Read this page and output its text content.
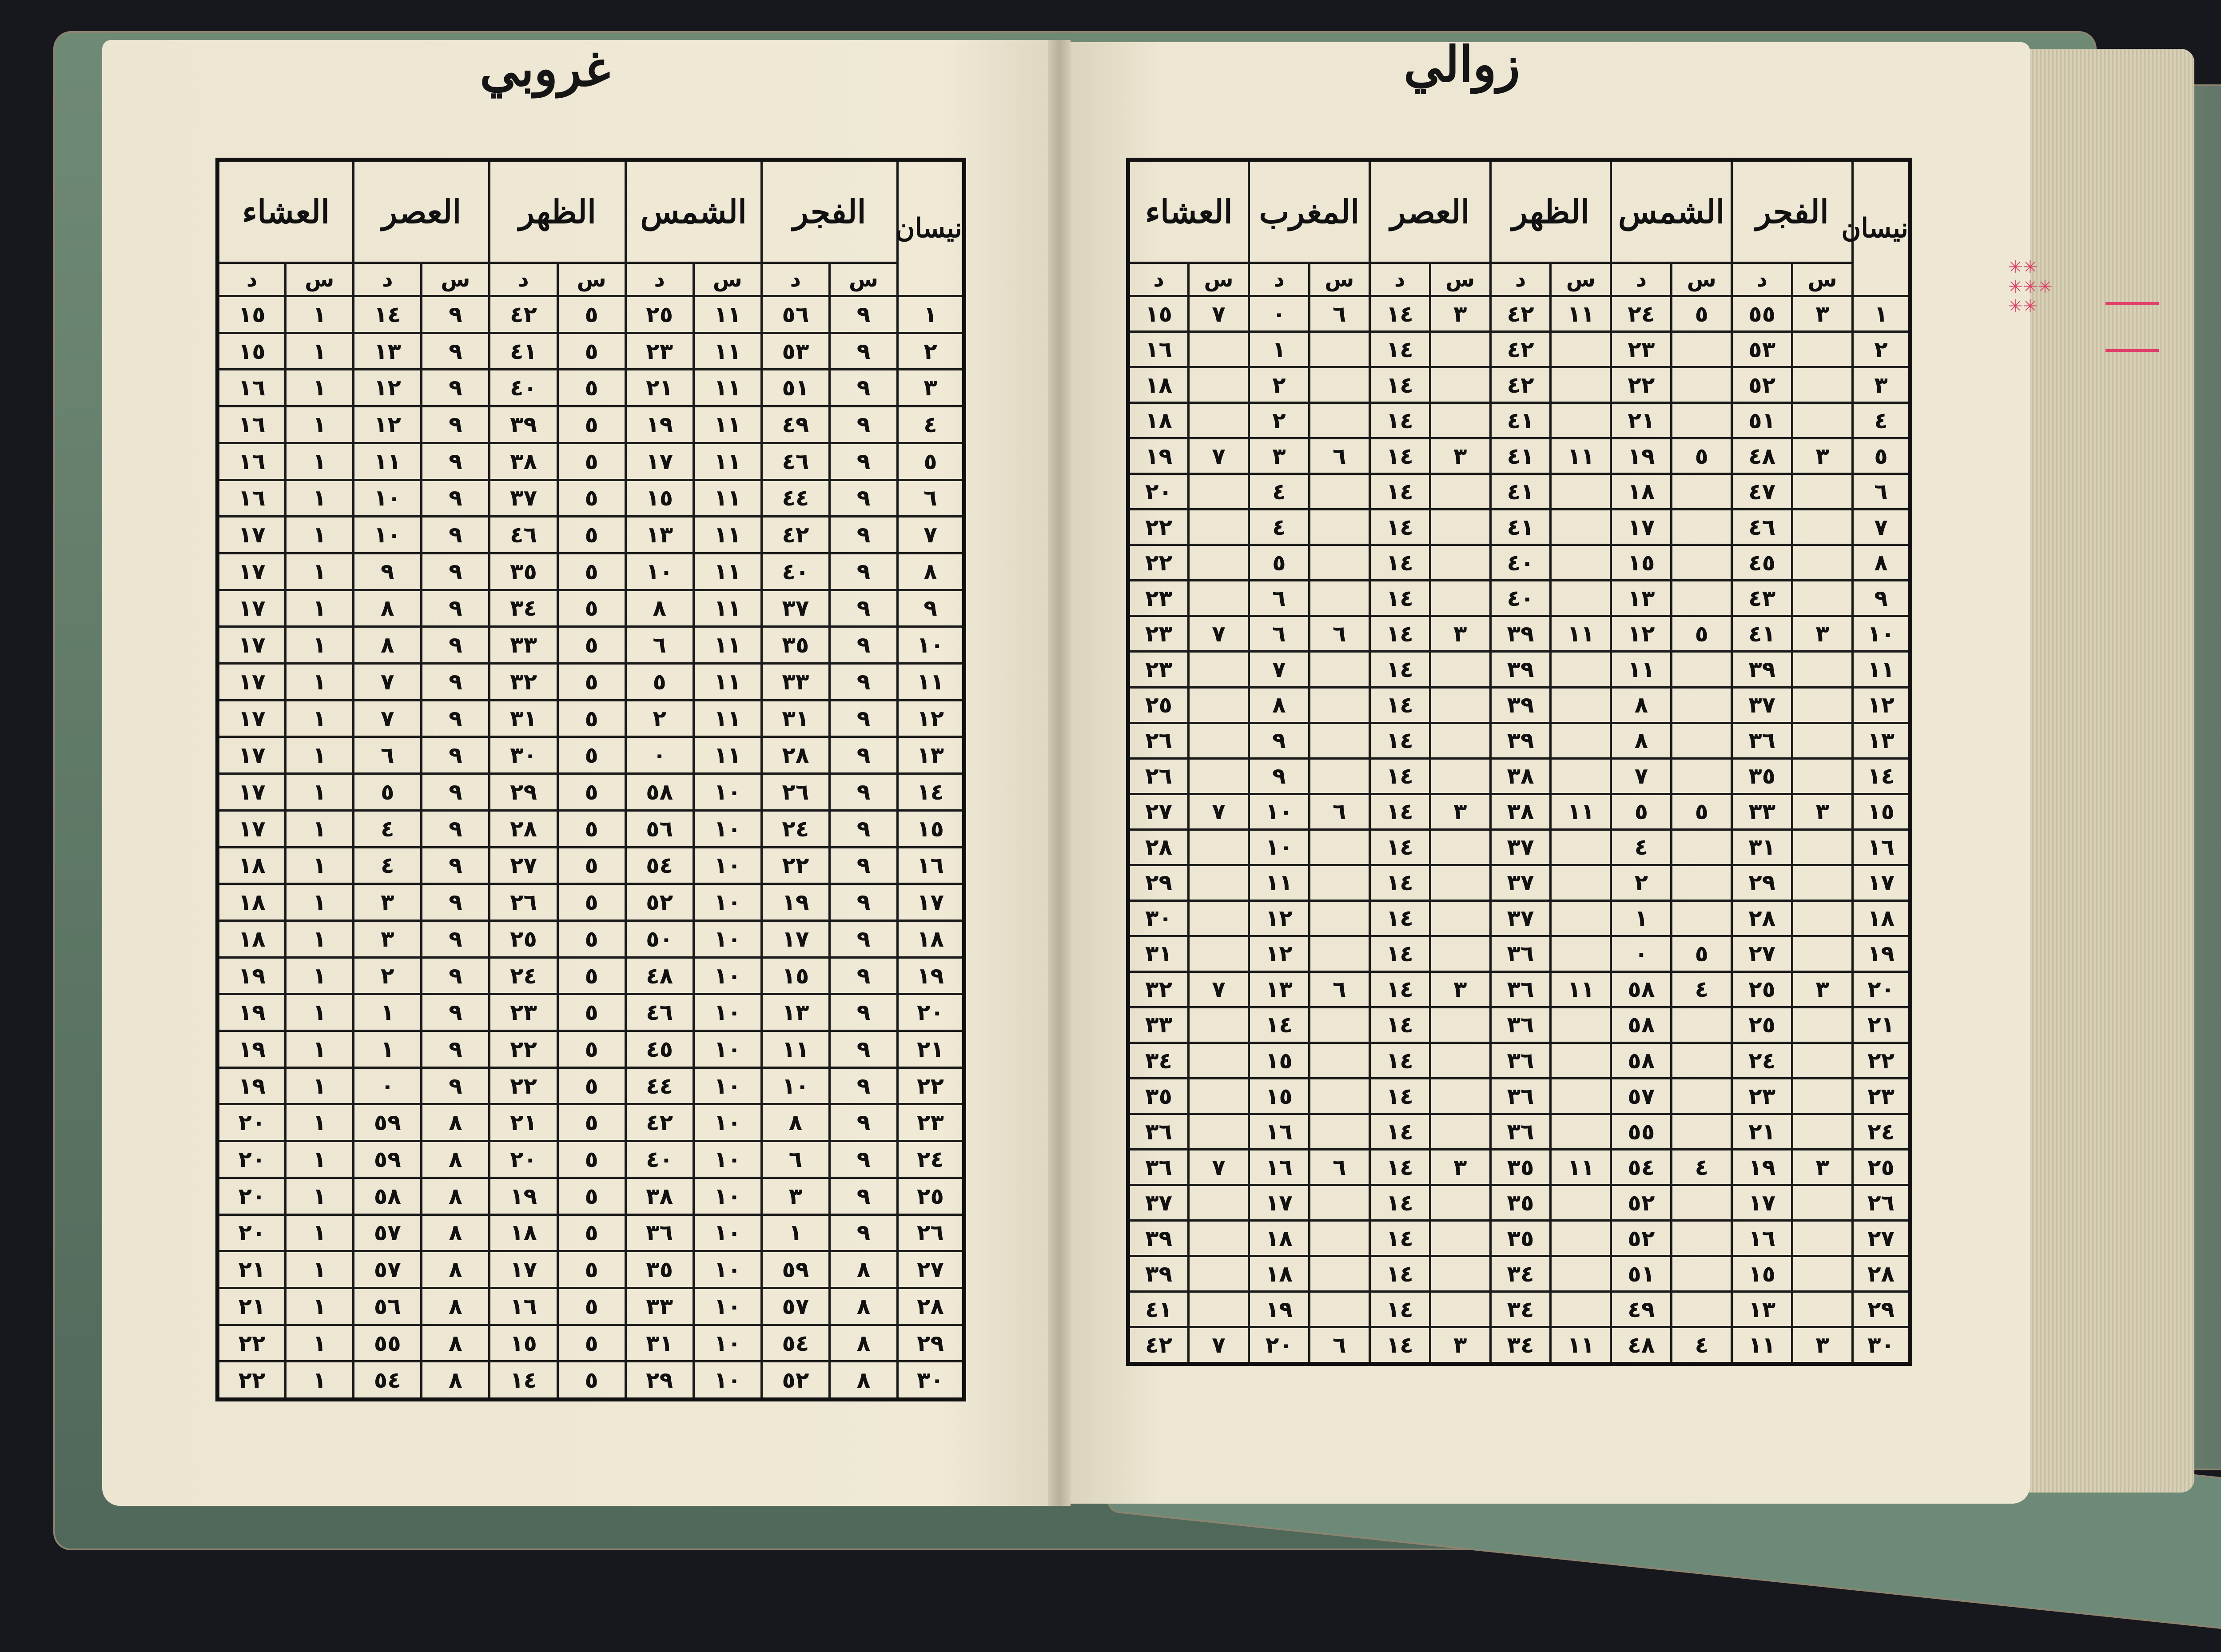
✳✳
✳✳✳
✳✳
غروبي	زوالي
نيسان	الفجر		الشمس		الظهر		العصر		العشاء	
	س	د	س	د	س	د	س	د	س	د
١	٩	٥٦	١١	٢٥	٥	٤٢	٩	١٤	١	١٥
٢	٩	٥٣	١١	٢٣	٥	٤١	٩	١٣	١	١٥
٣	٩	٥١	١١	٢١	٥	٤٠	٩	١٢	١	١٦
٤	٩	٤٩	١١	١٩	٥	٣٩	٩	١٢	١	١٦
٥	٩	٤٦	١١	١٧	٥	٣٨	٩	١١	١	١٦
٦	٩	٤٤	١١	١٥	٥	٣٧	٩	١٠	١	١٦
٧	٩	٤٢	١١	١٣	٥	٤٦	٩	١٠	١	١٧
٨	٩	٤٠	١١	١٠	٥	٣٥	٩	٩	١	١٧
٩	٩	٣٧	١١	٨	٥	٣٤	٩	٨	١	١٧
١٠	٩	٣٥	١١	٦	٥	٣٣	٩	٨	١	١٧
١١	٩	٣٣	١١	٥	٥	٣٢	٩	٧	١	١٧
١٢	٩	٣١	١١	٢	٥	٣١	٩	٧	١	١٧
١٣	٩	٢٨	١١	٠	٥	٣٠	٩	٦	١	١٧
١٤	٩	٢٦	١٠	٥٨	٥	٢٩	٩	٥	١	١٧
١٥	٩	٢٤	١٠	٥٦	٥	٢٨	٩	٤	١	١٧
١٦	٩	٢٢	١٠	٥٤	٥	٢٧	٩	٤	١	١٨
١٧	٩	١٩	١٠	٥٢	٥	٢٦	٩	٣	١	١٨
١٨	٩	١٧	١٠	٥٠	٥	٢٥	٩	٣	١	١٨
١٩	٩	١٥	١٠	٤٨	٥	٢٤	٩	٢	١	١٩
٢٠	٩	١٣	١٠	٤٦	٥	٢٣	٩	١	١	١٩
٢١	٩	١١	١٠	٤٥	٥	٢٢	٩	١	١	١٩
٢٢	٩	١٠	١٠	٤٤	٥	٢٢	٩	٠	١	١٩
٢٣	٩	٨	١٠	٤٢	٥	٢١	٨	٥٩	١	٢٠
٢٤	٩	٦	١٠	٤٠	٥	٢٠	٨	٥٩	١	٢٠
٢٥	٩	٣	١٠	٣٨	٥	١٩	٨	٥٨	١	٢٠
٢٦	٩	١	١٠	٣٦	٥	١٨	٨	٥٧	١	٢٠
٢٧	٨	٥٩	١٠	٣٥	٥	١٧	٨	٥٧	١	٢١
٢٨	٨	٥٧	١٠	٣٣	٥	١٦	٨	٥٦	١	٢١
٢٩	٨	٥٤	١٠	٣١	٥	١٥	٨	٥٥	١	٢٢
٣٠	٨	٥٢	١٠	٢٩	٥	١٤	٨	٥٤	١	٢٢
نيسان	الفجر		الشمس		الظهر		العصر		المغرب		العشاء	
	س	د	س	د	س	د	س	د	س	د	س	د
١	٣	٥٥	٥	٢٤	١١	٤٢	٣	١٤	٦	٠	٧	١٥
٢		٥٣		٢٣		٤٢		١٤		١		١٦
٣		٥٢		٢٢		٤٢		١٤		٢		١٨
٤		٥١		٢١		٤١		١٤		٢		١٨
٥	٣	٤٨	٥	١٩	١١	٤١	٣	١٤	٦	٣	٧	١٩
٦		٤٧		١٨		٤١		١٤		٤		٢٠
٧		٤٦		١٧		٤١		١٤		٤		٢٢
٨		٤٥		١٥		٤٠		١٤		٥		٢٢
٩		٤٣		١٣		٤٠		١٤		٦		٢٣
١٠	٣	٤١	٥	١٢	١١	٣٩	٣	١٤	٦	٦	٧	٢٣
١١		٣٩		١١		٣٩		١٤		٧		٢٣
١٢		٣٧		٨		٣٩		١٤		٨		٢٥
١٣		٣٦		٨		٣٩		١٤		٩		٢٦
١٤		٣٥		٧		٣٨		١٤		٩		٢٦
١٥	٣	٣٣	٥	٥	١١	٣٨	٣	١٤	٦	١٠	٧	٢٧
١٦		٣١		٤		٣٧		١٤		١٠		٢٨
١٧		٢٩		٢		٣٧		١٤		١١		٢٩
١٨		٢٨		١		٣٧		١٤		١٢		٣٠
١٩		٢٧	٥	٠		٣٦		١٤		١٢		٣١
٢٠	٣	٢٥	٤	٥٨	١١	٣٦	٣	١٤	٦	١٣	٧	٣٢
٢١		٢٥		٥٨		٣٦		١٤		١٤		٣٣
٢٢		٢٤		٥٨		٣٦		١٤		١٥		٣٤
٢٣		٢٣		٥٧		٣٦		١٤		١٥		٣٥
٢٤		٢١		٥٥		٣٦		١٤		١٦		٣٦
٢٥	٣	١٩	٤	٥٤	١١	٣٥	٣	١٤	٦	١٦	٧	٣٦
٢٦		١٧		٥٢		٣٥		١٤		١٧		٣٧
٢٧		١٦		٥٢		٣٥		١٤		١٨		٣٩
٢٨		١٥		٥١		٣٤		١٤		١٨		٣٩
٢٩		١٣		٤٩		٣٤		١٤		١٩		٤١
٣٠	٣	١١	٤	٤٨	١١	٣٤	٣	١٤	٦	٢٠	٧	٤٢
